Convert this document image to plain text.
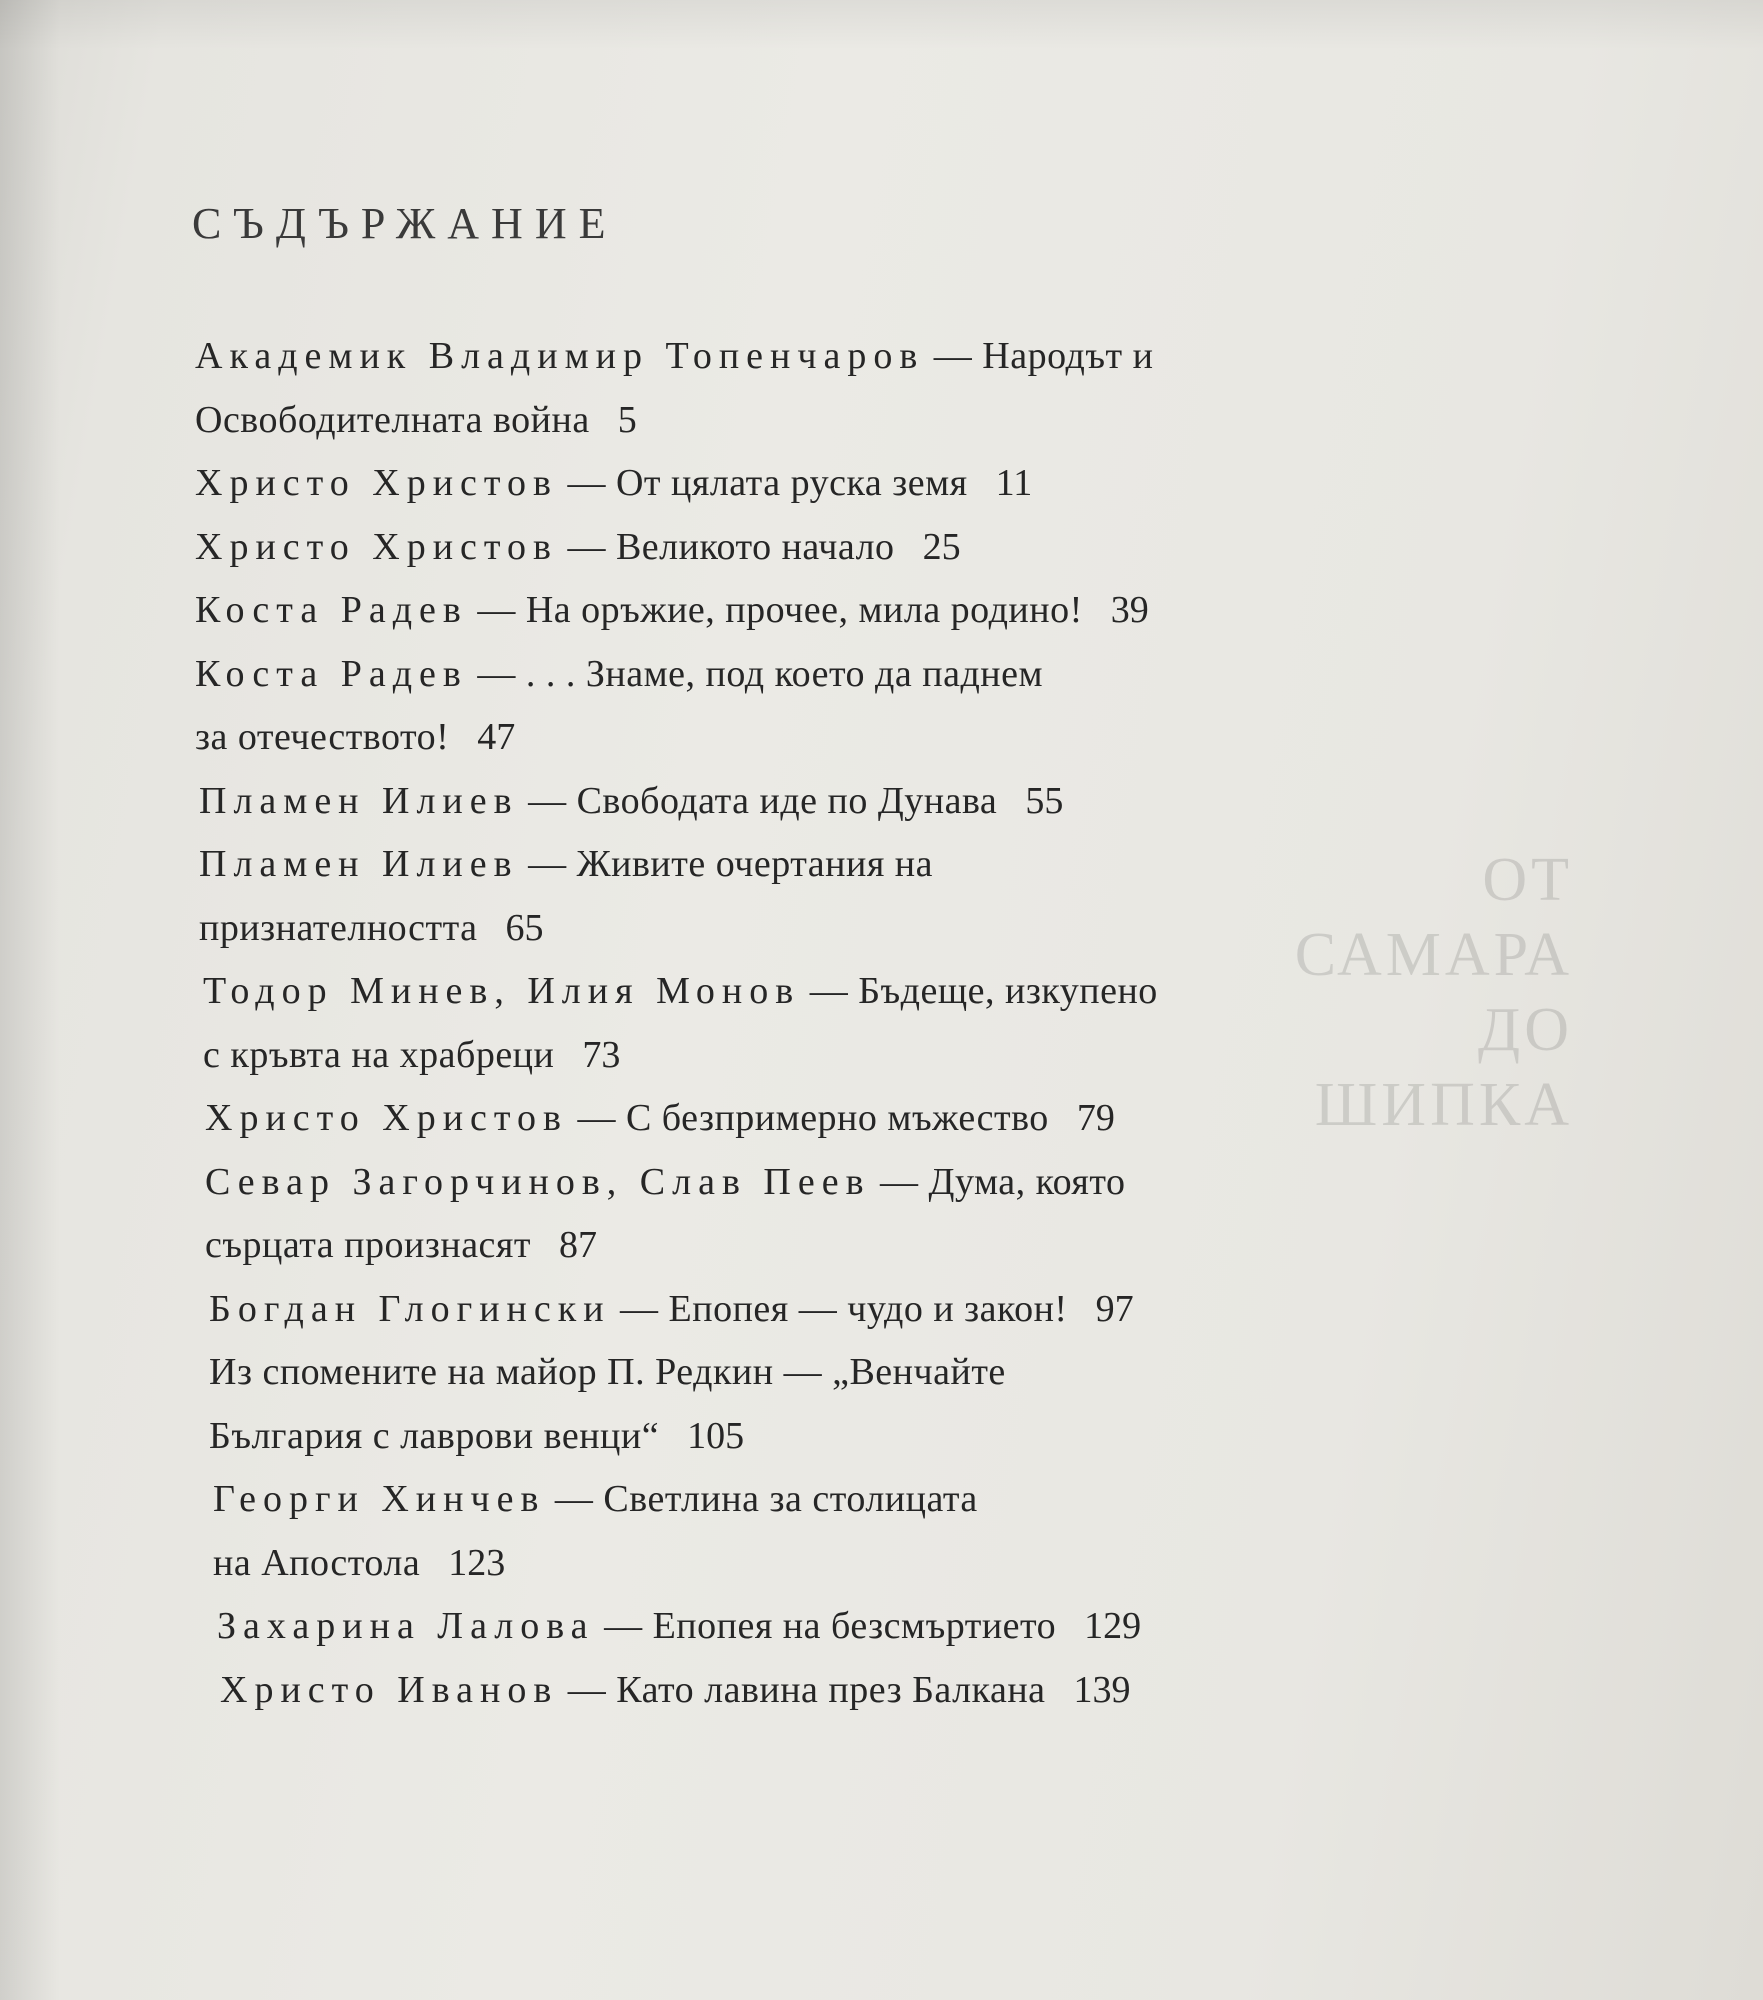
ОТ
САМАРА
ДО
ШИПКА
СЪДЪРЖАНИЕ
Академик Владимир Топенчаров — Народът и
Освободителната война 5
Христо Христов — От цялата руска земя 11
Христо Христов — Великото начало 25
Коста Радев — На оръжие, прочее, мила родино! 39
Коста Радев — . . . Знаме, под което да паднем
за отечеството! 47
Пламен Илиев — Свободата иде по Дунава 55
Пламен Илиев — Живите очертания на
признателността 65
Тодор Минев, Илия Монов — Бъдеще, изкупено
с кръвта на храбреци 73
Христо Христов — С безпримерно мъжество 79
Севар Загорчинов, Слав Пеев — Дума, която
сърцата произнасят 87
Богдан Глогински — Епопея — чудо и закон! 97
Из спомените на майор П. Редкин — „Венчайте
България с лаврови венци“ 105
Георги Хинчев — Светлина за столицата
на Апостола 123
Захарина Лалова — Епопея на безсмъртието 129
Христо Иванов — Като лавина през Балкана 139
